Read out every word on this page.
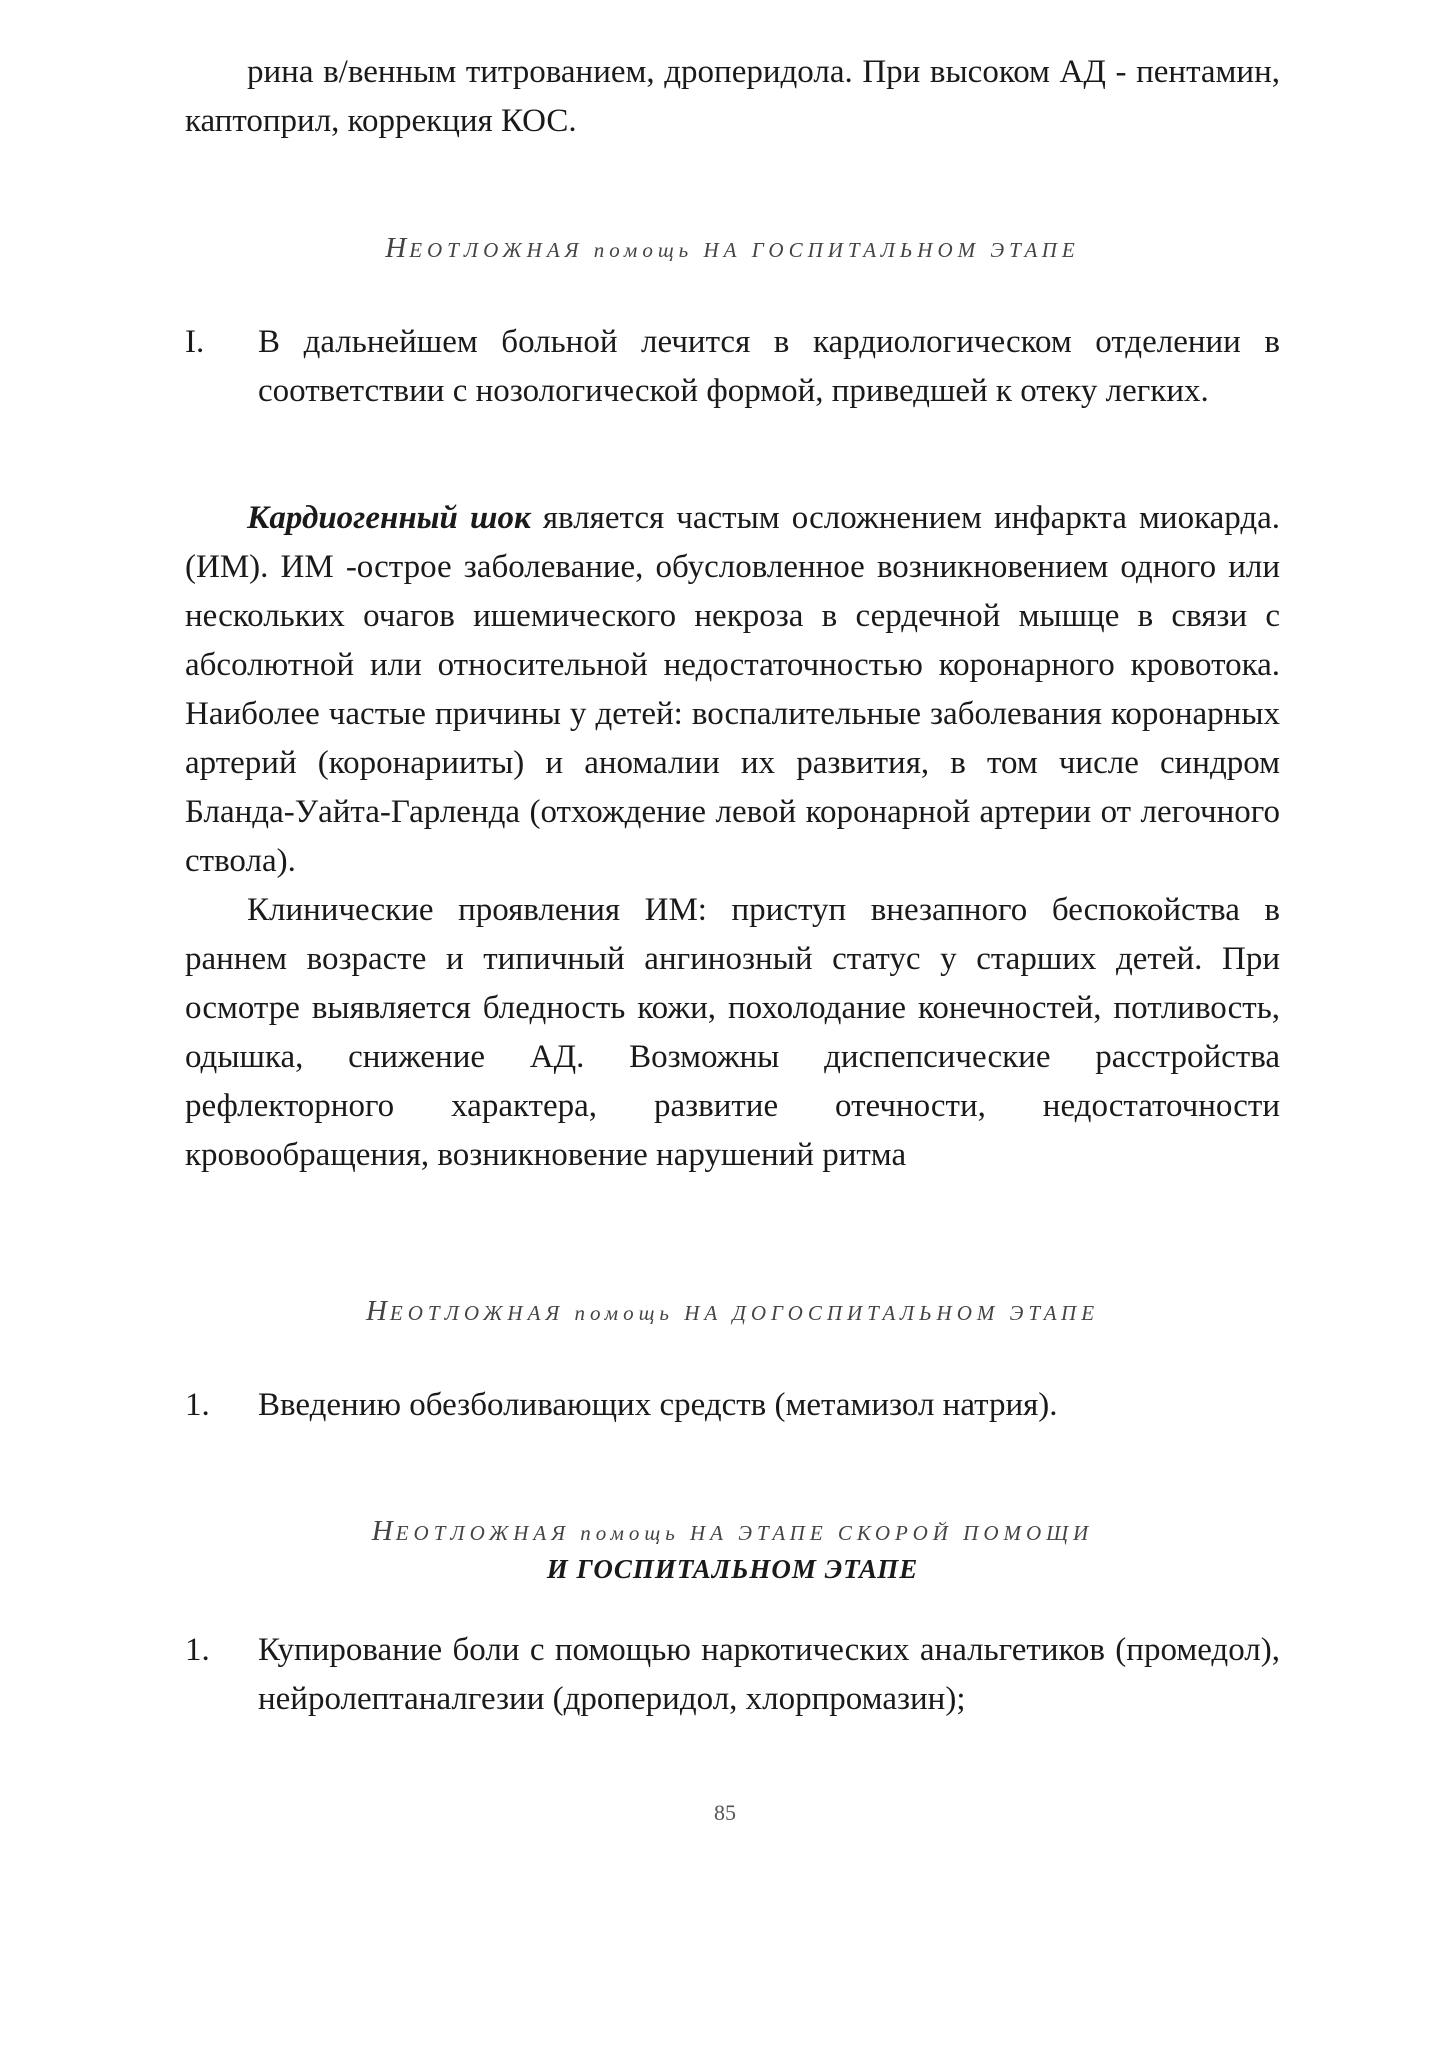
рина в/венным титрованием, дроперидола. При высоком АД - пентамин, каптоприл, коррекция КОС.
НЕОТЛОЖНАЯ помощь НА ГОСПИТАЛЬНОМ ЭТАПЕ
I.	В дальнейшем больной лечится в кардиологическом отделении в соответствии с нозологической формой, приведшей к отеку легких.
Кардиогенный шок является частым осложнением инфаркта миокарда. (ИМ). ИМ -острое заболевание, обусловленное возникновением одного или нескольких очагов ишемического некроза в сердечной мышце в связи с абсолютной или относительной недостаточностью коронарного кровотока. Наиболее частые причины у детей: воспалительные заболевания коронарных артерий (коронарииты) и аномалии их развития, в том числе синдром Бланда-Уайта-Гарленда (отхождение левой коронарной артерии от легочного ствола).
Клинические проявления ИМ: приступ внезапного беспокойства в раннем возрасте и типичный ангинозный статус у старших детей. При осмотре выявляется бледность кожи, похолодание конечностей, потливость, одышка, снижение АД. Возможны диспепсические расстройства рефлекторного характера, развитие отечности, недостаточности кровообращения, возникновение нарушений ритма
НЕОТЛОЖНАЯ помощь НА ДОГОСПИТАЛЬНОМ ЭТАПЕ
1.	Введению обезболивающих средств (метамизол натрия).
НЕОТЛОЖНАЯ помощь НА ЭТАПЕ СКОРОЙ ПОМОЩИ
И ГОСПИТАЛЬНОМ ЭТАПЕ
1.	Купирование боли с помощью наркотических анальгетиков (промедол), нейролептаналгезии (дроперидол, хлорпромазин);
85
